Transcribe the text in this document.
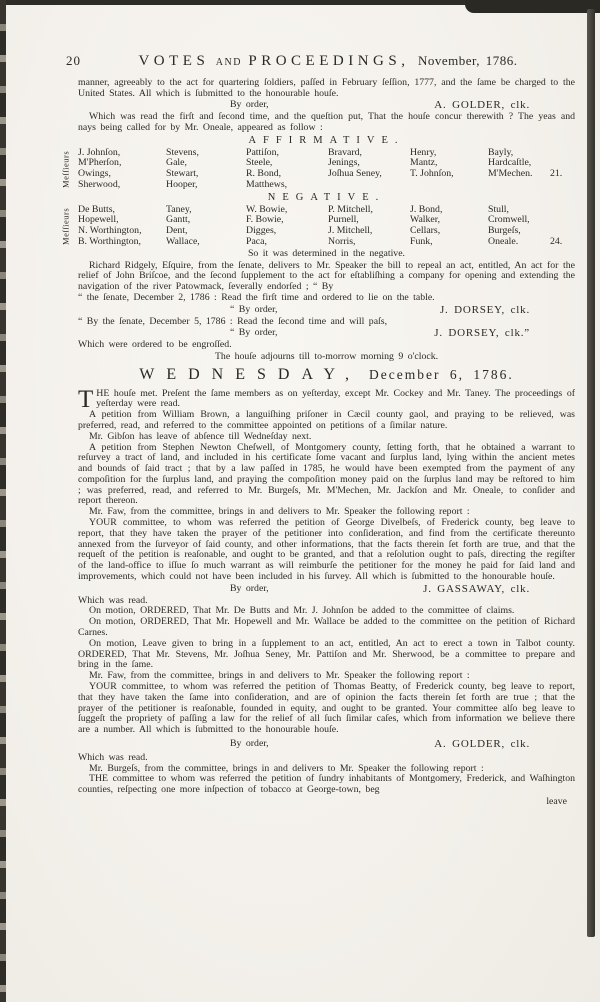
20	VOTES AND PROCEEDINGS, November, 1786.

manner, agreeably to the act for quartering ſoldiers, paſſed in February ſeſſion, 1777, and the ſame be charged to the United States. All which is ſubmitted to the honourable houſe.

By order,	A. GOLDER, clk.

Which was read the firſt and ſecond time, and the queſtion put, That the houſe concur therewith ? The yeas and nays being called for by Mr. Oneale, appeared as follow :

AFFIRMATIVE.
Meſſieurs J. Johnſon,	Stevens,	Pattiſon,	Bravard,	Henry,	Bayly,
M'Pherſon,	Gale,	Steele,	Jenings,	Mantz,	Hardcaſtle,
Owings,	Stewart,	R. Bond,	Joſhua Seney,	T. Johnſon,	M'Mechen.	21.
Sherwood,	Hooper,	Matthews,
NEGATIVE.
Meſſieurs De Butts,	Taney,	W. Bowie,	P. Mitchell,	J. Bond,	Stull,
Hopewell,	Gantt,	F. Bowie,	Purnell,	Walker,	Cromwell,
N. Worthington,	Dent,	Digges,	J. Mitchell,	Cellars,	Burgeſs,
B. Worthington,	Wallace,	Paca,	Norris,	Funk,	Oneale.	24.
So it was determined in the negative.

Richard Ridgely, Eſquire, from the ſenate, delivers to Mr. Speaker the bill to repeal an act, entitled, An act for the relief of John Briſcoe, and the ſecond ſupplement to the act for eſtabliſhing a company for opening and extending the navigation of the river Patowmack, ſeverally endorſed ; “ By

“ the ſenate, December 2, 1786 : Read the firſt time and ordered to lie on the table.

“ By order,	J. DORSEY, clk.

“ By the ſenate, December 5, 1786 : Read the ſecond time and will paſs,

“ By order,	J. DORSEY, clk.”

Which were ordered to be engroſſed.

The houſe adjourns till to-morrow morning 9 o'clock.
WEDNESDAY, December 6, 1786.

THE houſe met. Preſent the ſame members as on yeſterday, except Mr. Cockey and Mr. Taney. The proceedings of yeſterday were read.

A petition from William Brown, a languiſhing priſoner in Cæcil county gaol, and praying to be relieved, was preferred, read, and referred to the committee appointed on petitions of a ſimilar nature.

Mr. Gibſon has leave of abſence till Wedneſday next.

A petition from Stephen Newton Cheſwell, of Montgomery county, ſetting forth, that he obtained a warrant to reſurvey a tract of land, and included in his certificate ſome vacant and ſurplus land, lying within the ancient metes and bounds of ſaid tract ; that by a law paſſed in 1785, he would have been exempted from the payment of any compoſition for the ſurplus land, and praying the compoſition money paid on the ſurplus land may be reſtored to him ; was preferred, read, and referred to Mr. Burgeſs, Mr. M'Mechen, Mr. Jackſon and Mr. Oneale, to conſider and report thereon.

Mr. Faw, from the committee, brings in and delivers to Mr. Speaker the following report :

YOUR committee, to whom was referred the petition of George Divelbeſs, of Frederick county, beg leave to report, that they have taken the prayer of the petitioner into conſideration, and find from the certificate thereunto annexed from the ſurveyor of ſaid county, and other informations, that the facts therein ſet forth are true, and that the requeſt of the petition is reaſonable, and ought to be granted, and that a reſolution ought to paſs, directing the regiſter of the land-office to iſſue ſo much warrant as will reimburſe the petitioner for the money he paid for ſaid land and improvements, which could not have been included in his ſurvey. All which is ſubmitted to the honourable houſe.

By order,	J. GASSAWAY, clk.

Which was read.

On motion, ORDERED, That Mr. De Butts and Mr. J. Johnſon be added to the committee of claims.

On motion, ORDERED, That Mr. Hopewell and Mr. Wallace be added to the committee on the petition of Richard Carnes.

On motion, Leave given to bring in a ſupplement to an act, entitled, An act to erect a town in Talbot county. ORDERED, That Mr. Stevens, Mr. Joſhua Seney, Mr. Pattiſon and Mr. Sherwood, be a committee to prepare and bring in the ſame.

Mr. Faw, from the committee, brings in and delivers to Mr. Speaker the following report :

YOUR committee, to whom was referred the petition of Thomas Beatty, of Frederick county, beg leave to report, that they have taken the ſame into conſideration, and are of opinion the facts therein ſet forth are true ; that the prayer of the petitioner is reaſonable, founded in equity, and ought to be granted. Your committee alſo beg leave to ſuggeſt the propriety of paſſing a law for the relief of all ſuch ſimilar caſes, which from information we believe there are a number. All which is ſubmitted to the honourable houſe.

By order,	A. GOLDER, clk.

Which was read.

Mr. Burgeſs, from the committee, brings in and delivers to Mr. Speaker the following report :

THE committee to whom was referred the petition of ſundry inhabitants of Montgomery, Frederick, and Waſhington counties, reſpecting one more inſpection of tobacco at George-town, beg

leave
